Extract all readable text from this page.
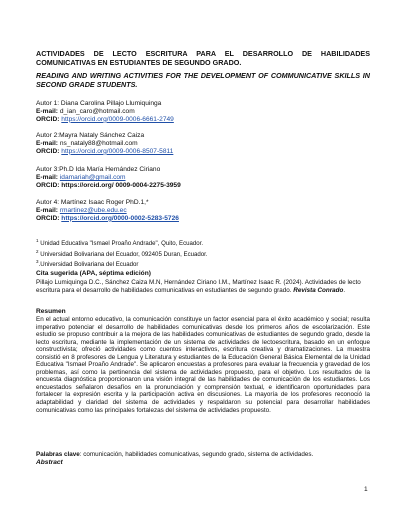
ACTIVIDADES DE LECTO ESCRITURA PARA EL DESARROLLO DE HABILIDADES COMUNICATIVAS EN ESTUDIANTES DE SEGUNDO GRADO.
READING AND WRITING ACTIVITIES FOR THE DEVELOPMENT OF COMMUNICATIVE SKILLS IN SECOND GRADE STUDENTS.
Autor 1: Diana Carolina Pillajo Llumiquinga
E-mail: d_ian_caro@hotmail.com
ORCID: https://orcid.org/0009-0006-6661-2749
Autor 2:Mayra Nataly Sánchez Caiza
E-mail: ns_nataly88@hotmail.com
ORCID: https://orcid.org/0009-0006-8507-5811
Autor 3:Ph.D Ida María Hernández Ciriano
E-mail: idamariah@gmail.com
ORCID: https://orcid.org/ 0009-0004-2275-3959
Autor 4: Martínez Isaac Roger PhD.1,*
E-mail: rmartinez@ube.edu.ec
ORCID: https://orcid.org/0000-0002-5283-5726
$^1$ Unidad Educativa "Ismael Proaño Andrade", Quito, Ecuador.
$^2$ Universidad Bolivariana del Ecuador, 092405 Duran, Ecuador.
$^3$.Universidad Bolivariana del Ecuador
Cita sugerida (APA, séptima edición)
Pillajo Lumiquinga D.C., Sánchez Caiza M.N, Hernández Ciriano I.M., Martínez Isaac R. (2024). Actividades de lecto escritura para el desarrollo de habilidades comunicativas en estudiantes de segundo grado. Revista Conrado.
Resumen
En el actual entorno educativo, la comunicación constituye un factor esencial para el éxito académico y social; resulta imperativo potenciar el desarrollo de habilidades comunicativas desde los primeros años de escolarización. Este estudio se propuso contribuir a la mejora de las habilidades comunicativas de estudiantes de segundo grado, desde la lecto escritura, mediante la implementación de un sistema de actividades de lectoescritura, basado en un enfoque constructivista; ofreció actividades como cuentos interactivos, escritura creativa y dramatizaciones. La muestra consistió en 8 profesores de Lengua y Literatura y estudiantes de la Educación General Básica Elemental de la Unidad Educativa "Ismael Proaño Andrade". Se aplicaron encuestas a profesores para evaluar la frecuencia y gravedad de los problemas, así como la pertinencia del sistema de actividades propuesto, para el objetivo. Los resultados de la encuesta diagnóstica proporcionaron una visión integral de las habilidades de comunicación de los estudiantes. Los encuestados señalaron desafíos en la pronunciación y comprensión textual, e identificaron oportunidades para fortalecer la expresión escrita y la participación activa en discusiones. La mayoría de los profesores reconoció la adaptabilidad y claridad del sistema de actividades y respaldaron su potencial para desarrollar habilidades comunicativas como las principales fortalezas del sistema de actividades propuesto.
Palabras clave: comunicación, habilidades comunicativas, segundo grado, sistema de actividades.
Abstract
1
